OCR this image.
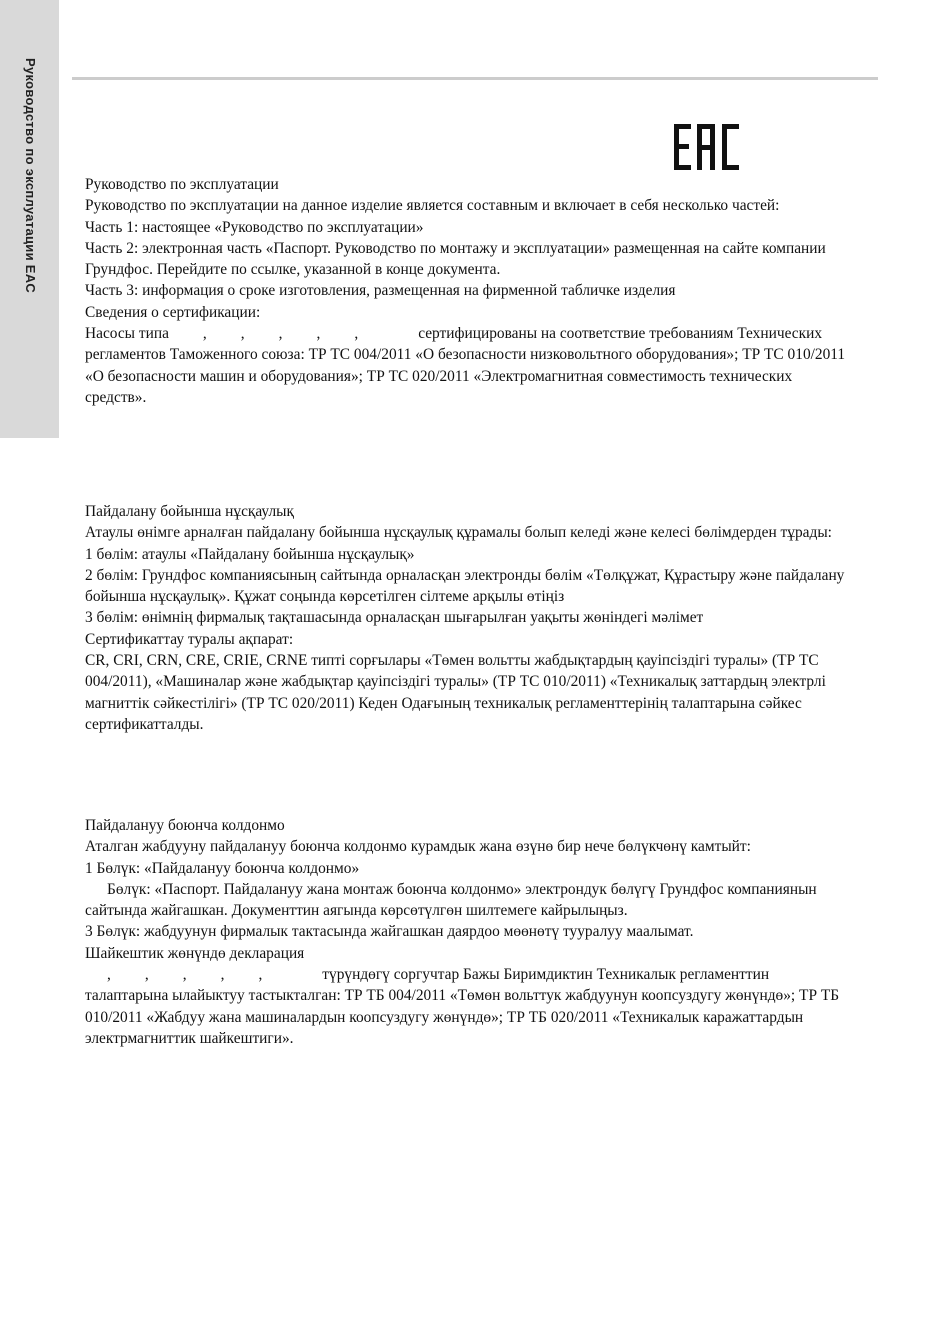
Руководство по эксплуатации EAC	Руководство по эксплуатации

Руководство по эксплуатации на данное изделие является составным и включает в себя несколько частей:

Часть 1: настоящее «Руководство по эксплуатации»

Часть 2: электронная часть «Паспорт. Руководство по монтажу и эксплуатации» размещенная на сайте компании Грундфос. Перейдите по ссылке, указанной в конце документа.

Часть 3: информация о сроке изготовления, размещенная на фирменной табличке изделия

Сведения о сертификации:

Насосы типа , , , , ,	сертифицированы на соответствие требованиям Технических регламентов Таможенного союза: ТР ТС 004/2011 «О безопасности низковольтного оборудования»; ТР ТС 010/2011 «О безопасности машин и оборудования»; ТР ТС 020/2011 «Электромагнитная совместимость технических средств».

Пайдалану бойынша нұсқаулық

Атаулы өнімге арналған пайдалану бойынша нұсқаулық құрамалы болып келеді және келесі бөлімдерден тұрады:

1 бөлім: атаулы «Пайдалану бойынша нұсқаулық»

2 бөлім: Грундфос компаниясының сайтында орналасқан электронды бөлім «Төлқұжат, Құрастыру және пайдалану бойынша нұсқаулық». Құжат соңында көрсетілген сілтеме арқылы өтіңіз

3 бөлім: өнімнің фирмалық тақташасында орналасқан шығарылған уақыты жөніндегі мәлімет

Сертификаттау туралы ақпарат:

CR, CRI, CRN, CRE, CRIE, CRNE типті сорғылары «Төмен вольтты жабдықтардың қауіпсіздігі туралы» (ТР ТС 004/2011), «Машиналар және жабдықтар қауіпсіздігі туралы» (ТР ТС 010/2011) «Техникалық заттардың электрлі магниттік сәйкестілігі» (ТР ТС 020/2011) Кеден Одағының техникалық регламенттерінің талаптарына сәйкес сертификатталды.

Пайдалануу боюнча колдонмо

Аталган жабдууну пайдалануу боюнча колдонмо курамдык жана өзүнө бир нече бөлүкчөнү камтыйт:

1 Бөлүк: «Пайдалануу боюнча колдонмо»

Бөлүк: «Паспорт. Пайдалануу жана монтаж боюнча колдонмо» электрондук бөлүгү Грундфос компаниянын сайтында жайгашкан. Документтин аягында көрсөтүлгөн шилтемеге кайрылыңыз.

3 Бөлүк: жабдуунун фирмалык тактасында жайгашкан даярдоо мөөнөтү тууралуу маалымат.

Шайкештик жөнүндө декларация

, , , , ,	түрүндөгү соргучтар Бажы Биримдиктин Техникалык регламенттин талаптарына ылайыктуу тастыкталган: ТР ТБ 004/2011 «Төмөн вольттук жабдуунун коопсуздугу жөнүндө»; ТР ТБ 010/2011 «Жабдуу жана машиналардын коопсуздугу жөнүндө»; ТР ТБ 020/2011 «Техникалык каражаттардын электрмагниттик шайкештиги».
